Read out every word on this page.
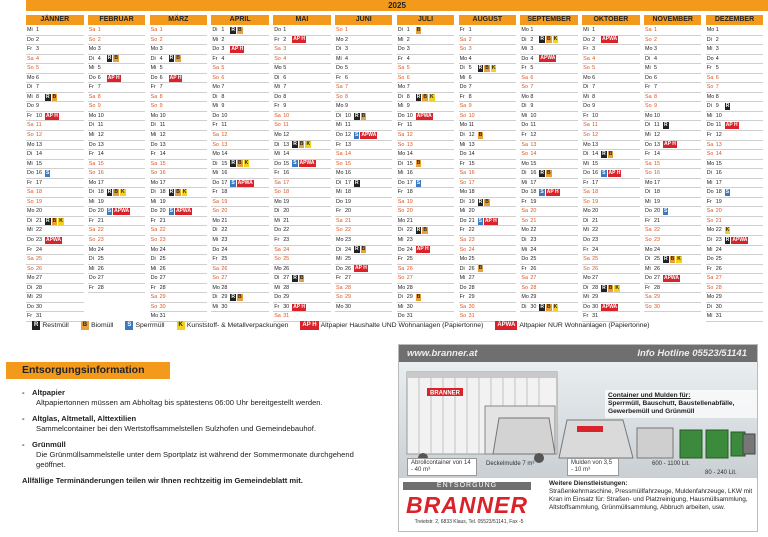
2025
JÄNNER
Mi 1
Do 2
Fr 3
Sa 4
So 5
Mo 6
Di 7
Mi 8	R B
Do 9
Fr 10 AP H
Sa 11
So 12
Mo 13
Di 14
Mi 15
Do 16 S
Fr 17
Sa 18
So 19
Mo 20
Di 21 R B K
Mi 22
Do 23 APWA
Fr 24
Sa 25
So 26
Mo 27
Di 28
Mi 29
Do 30
Fr 31
FEBRUAR
Sa 1
So 2
Mo 3
Di 4	R B
Mi 5
Do 6	AP H
Fr 7
Sa 8
So 9
Mo 10
Di 11
Mi 12
Do 13
Fr 14
Sa 15
So 16
Mo 17
Di 18 R B K
Mi 19
Do 20 S APWA
Fr 21
Sa 22
So 23
Mo 24
Di 25
Mi 26
Do 27
Fr 28
MÄRZ
Sa 1
So 2
Mo 3
Di 4	R B
Mi 5
Do 6	AP H
Fr 7
Sa 8
So 9
Mo 10
Di 11
Mi 12
Do 13
Fr 14
Sa 15
So 16
Mo 17
Di 18 R B K
Mi 19
Do 20 S APWA
Fr 21
Sa 22
So 23
Mo 24
Di 25
Mi 26
Do 27
Fr 28
Sa 29
So 30
Mo 31
APRIL
Di 1	R B
Mi 2
Do 3	AP H
Fr 4
Sa 5
So 6
Mo 7
Di 8
Mi 9
Do 10
Fr 11
Sa 12
So 13
Mo 14
Di 15 R B K
Mi 16
Do 17 S APWA
Fr 18
Sa 19
So 20
Mo 21
Di 22
Mi 23
Do 24
Fr 25
Sa 26
So 27
Mo 28
Di 29 R B
Mi 30
MAI
Do 1
Fr 2	AP H
Sa 3
So 4
Mo 5
Di 6
Mi 7
Do 8
Fr 9
Sa 10
So 11
Mo 12
Di 13 R B K
Mi 14
Do 15 S APWA
Fr 16
Sa 17
So 18
Mo 19
Di 20
Mi 21
Do 22
Fr 23
Sa 24
So 25
Mo 26
Di 27 R B
Mi 28
Do 29
Fr 30 AP H
Sa 31
JUNI
So 1
Mo 2
Di 3
Mi 4
Do 5
Fr 6
Sa 7
So 8
Mo 9
Di 10 R B
Mi 11
Do 12 S APWA
Fr 13
Sa 14
So 15
Mo 16
Di 17 R
Mi 18
Do 19
Fr 20
Sa 21
So 22
Mo 23
Di 24 R B
Mi 25
Do 26 AP H
Fr 27
Sa 28
So 29
Mo 30
JULI
Di 1	B
Mi 2
Do 3
Fr 4
Sa 5
So 6
Mo 7
Di 8	R B K
Mi 9
Do 10 APWA
Fr 11
Sa 12
So 13
Mo 14
Di 15 B
Mi 16
Do 17 S
Fr 18
Sa 19
So 20
Mo 21
Di 22 R B
Mi 23
Do 24 AP H
Fr 25
Sa 26
So 27
Mo 28
Di 29 B
Mi 30
Do 31
AUGUST
Fr 1
Sa 2
So 3
Mo 4
Di 5	R B K
Mi 6
Do 7
Fr 8
Sa 9
So 10
Mo 11
Di 12 B
Mi 13
Do 14
Fr 15
Sa 16
So 17
Mo 18
Di 19 R B
Mi 20
Do 21 S AP H
Fr 22
Sa 23
So 24
Mo 25
Di 26 B
Mi 27
Do 28
Fr 29
Sa 30
So 31
SEPTEMBER
Mo 1
Di 2	R B K
Mi 3
Do 4	APWA
Fr 5
Sa 6
So 7
Mo 8
Di 9
Mi 10
Do 11
Fr 12
Sa 13
So 14
Mo 15
Di 16 R B
Mi 17
Do 18 S AP H
Fr 19
Sa 20
So 21
Mo 22
Di 23
Mi 24
Do 25
Fr 26
Sa 27
So 28
Mo 29
Di 30 R B K
OKTOBER
Mi 1
Do 2	APWA
Fr 3
Sa 4
So 5
Mo 6
Di 7
Mi 8
Do 9
Fr 10
Sa 11
So 12
Mo 13
Di 14 R B
Mi 15
Do 16 S AP H
Fr 17
Sa 18
So 19
Mo 20
Di 21
Mi 22
Do 23
Fr 24
Sa 25
So 26
Mo 27
Di 28 R B K
Mi 29
Do 30 APWA
Fr 31
NOVEMBER
Sa 1
So 2
Mo 3
Di 4
Mi 5
Do 6
Fr 7
Sa 8
So 9
Mo 10
Di 11 R
Mi 12
Do 13 AP H
Fr 14
Sa 15
So 16
Mo 17
Di 18
Mi 19
Do 20 S
Fr 21
Sa 22
So 23
Mo 24
Di 25 R B K
Mi 26
Do 27 APWA
Fr 28
Sa 29
So 30
DEZEMBER
Mo 1
Di 2
Mi 3
Do 4
Fr 5
Sa 6
So 7
Mo 8
Di 9	R
Mi 10
Do 11 AP H
Fr 12
Sa 13
So 14
Mo 15
Di 16
Mi 17
Do 18 S
Fr 19
Sa 20
So 21
Mo 22 K
Di 23 R APWA
Mi 24
Do 25
Fr 26
Sa 27
So 28
Mo 29
Di 30
Mi 31
R Restmüll	B Biomüll	S Sperrmüll	K Kunststoff- & Metallverpackungen	AP H Altpapier Haushalte UND Wohnanlagen (Papiertonne)	APWA Altpapier NUR Wohnanlagen (Papiertonne)
Entsorgungsinformation
- Altpapier
Altpapiertonnen müssen am Abholtag bis spätestens 06:00 Uhr bereitgestellt werden.
- Altglas, Altmetall, Alttextilien
Sammelcontainer bei den Wertstoffsammelstellen Sulzhofen und Gemeindebauhof.
- Grünmüll
Die Grünmüllsammelstelle unter dem Sportplatz ist während der Sommermonate durchgehend geöffnet.
Allfällige Terminänderungen teilen wir Ihnen rechtzeitig im Gemeindeblatt mit.
www.branner.at	Info Hotline 05523/51141
BRANNER	Container und Mulden für:
Sperrmüll, Bauschutt, Baustellenabfälle, Gewerbemüll und Grünmüll
Abrollcontainer von 14 - 40 m³
Deckelmulde 7 m³	Mulden von 3,5 - 10 m³
600 - 1100 Lit.
80 - 240 Lit.
ENTSORGUNG
BRANNER
Treietstr. 2, 6833 Klaus, Tel. 05523/51141, Fax -5
Weitere Dienstleistungen:
Straßenkehrmaschine, Pressmüllfahrzeuge, Muldenfahrzeuge, LKW mit Kran im Einsatz für: Straßen- und Platzreinigung, Hausmüllsammlung, Altstoffsammlung, Grünmüllsammlung, Abbruch arbeiten, usw.
